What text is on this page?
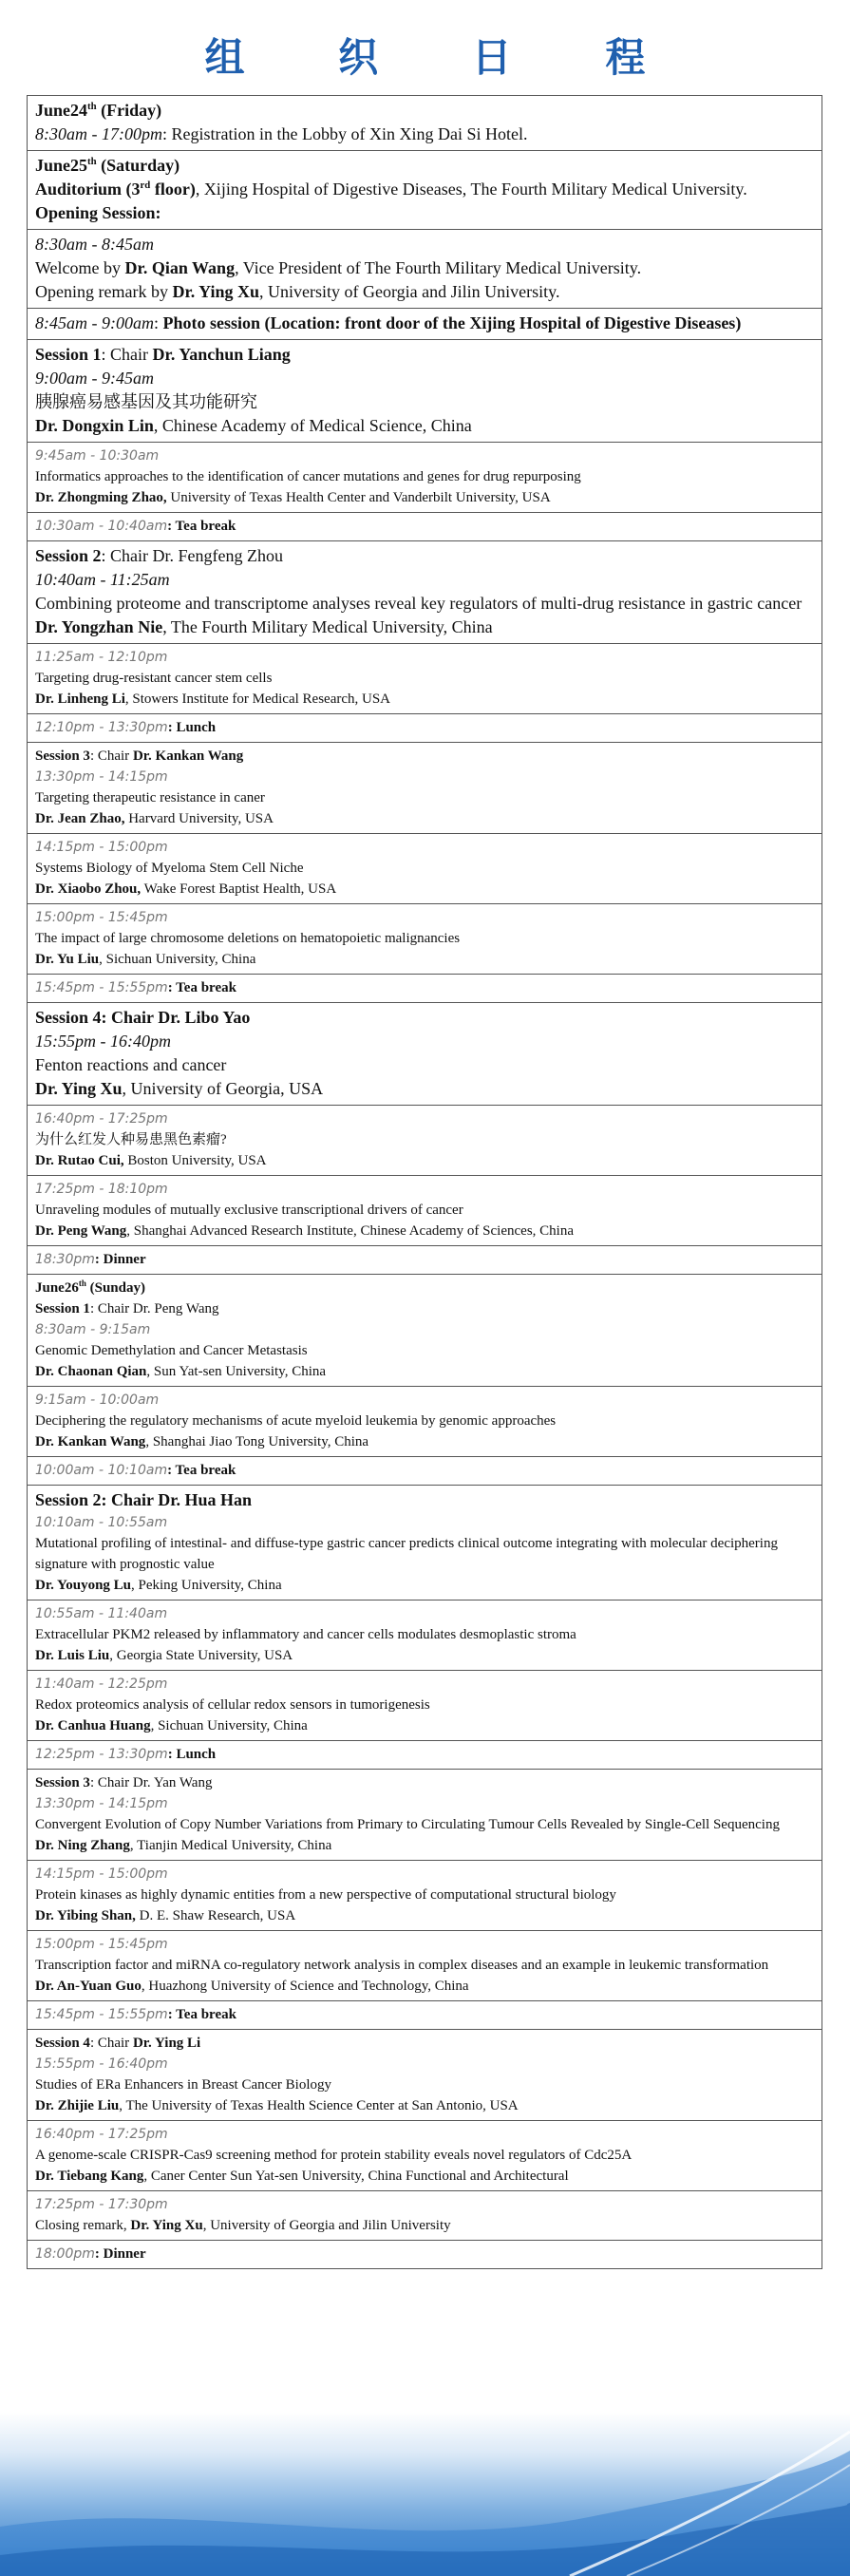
组 织 日 程
June24th (Friday)
8:30am - 17:00pm: Registration in the Lobby of Xin Xing Dai Si Hotel.
June25th (Saturday)
Auditorium (3rd floor), Xijing Hospital of Digestive Diseases, The Fourth Military Medical University.
Opening Session:
8:30am - 8:45am
Welcome by Dr. Qian Wang, Vice President of The Fourth Military Medical University.
Opening remark by Dr. Ying Xu, University of Georgia and Jilin University.
8:45am - 9:00am: Photo session (Location: front door of the Xijing Hospital of Digestive Diseases)
Session 1: Chair Dr. Yanchun Liang
9:00am - 9:45am
胰腺癌易感基因及其功能研究
Dr. Dongxin Lin, Chinese Academy of Medical Science, China
9:45am - 10:30am
Informatics approaches to the identification of cancer mutations and genes for drug repurposing
Dr. Zhongming Zhao, University of Texas Health Center and Vanderbilt University, USA
10:30am - 10:40am: Tea break
Session 2: Chair Dr. Fengfeng Zhou
10:40am - 11:25am
Combining proteome and transcriptome analyses reveal key regulators of multi-drug resistance in gastric cancer
Dr. Yongzhan Nie, The Fourth Military Medical University, China
11:25am - 12:10pm
Targeting drug-resistant cancer stem cells
Dr. Linheng Li, Stowers Institute for Medical Research, USA
12:10pm - 13:30pm: Lunch
Session 3: Chair Dr. Kankan Wang
13:30pm - 14:15pm
Targeting therapeutic resistance in caner
Dr. Jean Zhao, Harvard University, USA
14:15pm - 15:00pm
Systems Biology of Myeloma Stem Cell Niche
Dr. Xiaobo Zhou, Wake Forest Baptist Health, USA
15:00pm - 15:45pm
The impact of large chromosome deletions on hematopoietic malignancies
Dr. Yu Liu, Sichuan University, China
15:45pm - 15:55pm: Tea break
Session 4: Chair Dr. Libo Yao
15:55pm - 16:40pm
Fenton reactions and cancer
Dr. Ying Xu, University of Georgia, USA
16:40pm - 17:25pm
为什么红发人种易患黑色素瘤?
Dr. Rutao Cui, Boston University, USA
17:25pm - 18:10pm
Unraveling modules of mutually exclusive transcriptional drivers of cancer
Dr. Peng Wang, Shanghai Advanced Research Institute, Chinese Academy of Sciences, China
18:30pm: Dinner
June26th (Sunday)
Session 1: Chair Dr. Peng Wang
8:30am - 9:15am
Genomic Demethylation and Cancer Metastasis
Dr. Chaonan Qian, Sun Yat-sen University, China
9:15am - 10:00am
Deciphering the regulatory mechanisms of acute myeloid leukemia by genomic approaches
Dr. Kankan Wang, Shanghai Jiao Tong University, China
10:00am - 10:10am: Tea break
Session 2: Chair Dr. Hua Han
10:10am - 10:55am
Mutational profiling of intestinal- and diffuse-type gastric cancer predicts clinical outcome integrating with molecular deciphering signature with prognostic value
Dr. Youyong Lu, Peking University, China
10:55am - 11:40am
Extracellular PKM2 released by inflammatory and cancer cells modulates desmoplastic stroma
Dr. Luis Liu, Georgia State University, USA
11:40am - 12:25pm
Redox proteomics analysis of cellular redox sensors in tumorigenesis
Dr. Canhua Huang, Sichuan University, China
12:25pm - 13:30pm: Lunch
Session 3: Chair Dr. Yan Wang
13:30pm - 14:15pm
Convergent Evolution of Copy Number Variations from Primary to Circulating Tumour Cells Revealed by Single-Cell Sequencing
Dr. Ning Zhang, Tianjin Medical University, China
14:15pm - 15:00pm
Protein kinases as highly dynamic entities from a new perspective of computational structural biology
Dr. Yibing Shan, D. E. Shaw Research, USA
15:00pm - 15:45pm
Transcription factor and miRNA co-regulatory network analysis in complex diseases and an example in leukemic transformation
Dr. An-Yuan Guo, Huazhong University of Science and Technology, China
15:45pm - 15:55pm: Tea break
Session 4: Chair Dr. Ying Li
15:55pm - 16:40pm
Studies of ERa Enhancers in Breast Cancer Biology
Dr. Zhijie Liu, The University of Texas Health Science Center at San Antonio, USA
16:40pm - 17:25pm
A genome-scale CRISPR-Cas9 screening method for protein stability eveals novel regulators of Cdc25A
Dr. Tiebang Kang, Caner Center Sun Yat-sen University, China Functional and Architectural
17:25pm - 17:30pm
Closing remark, Dr. Ying Xu, University of Georgia and Jilin University
18:00pm: Dinner
